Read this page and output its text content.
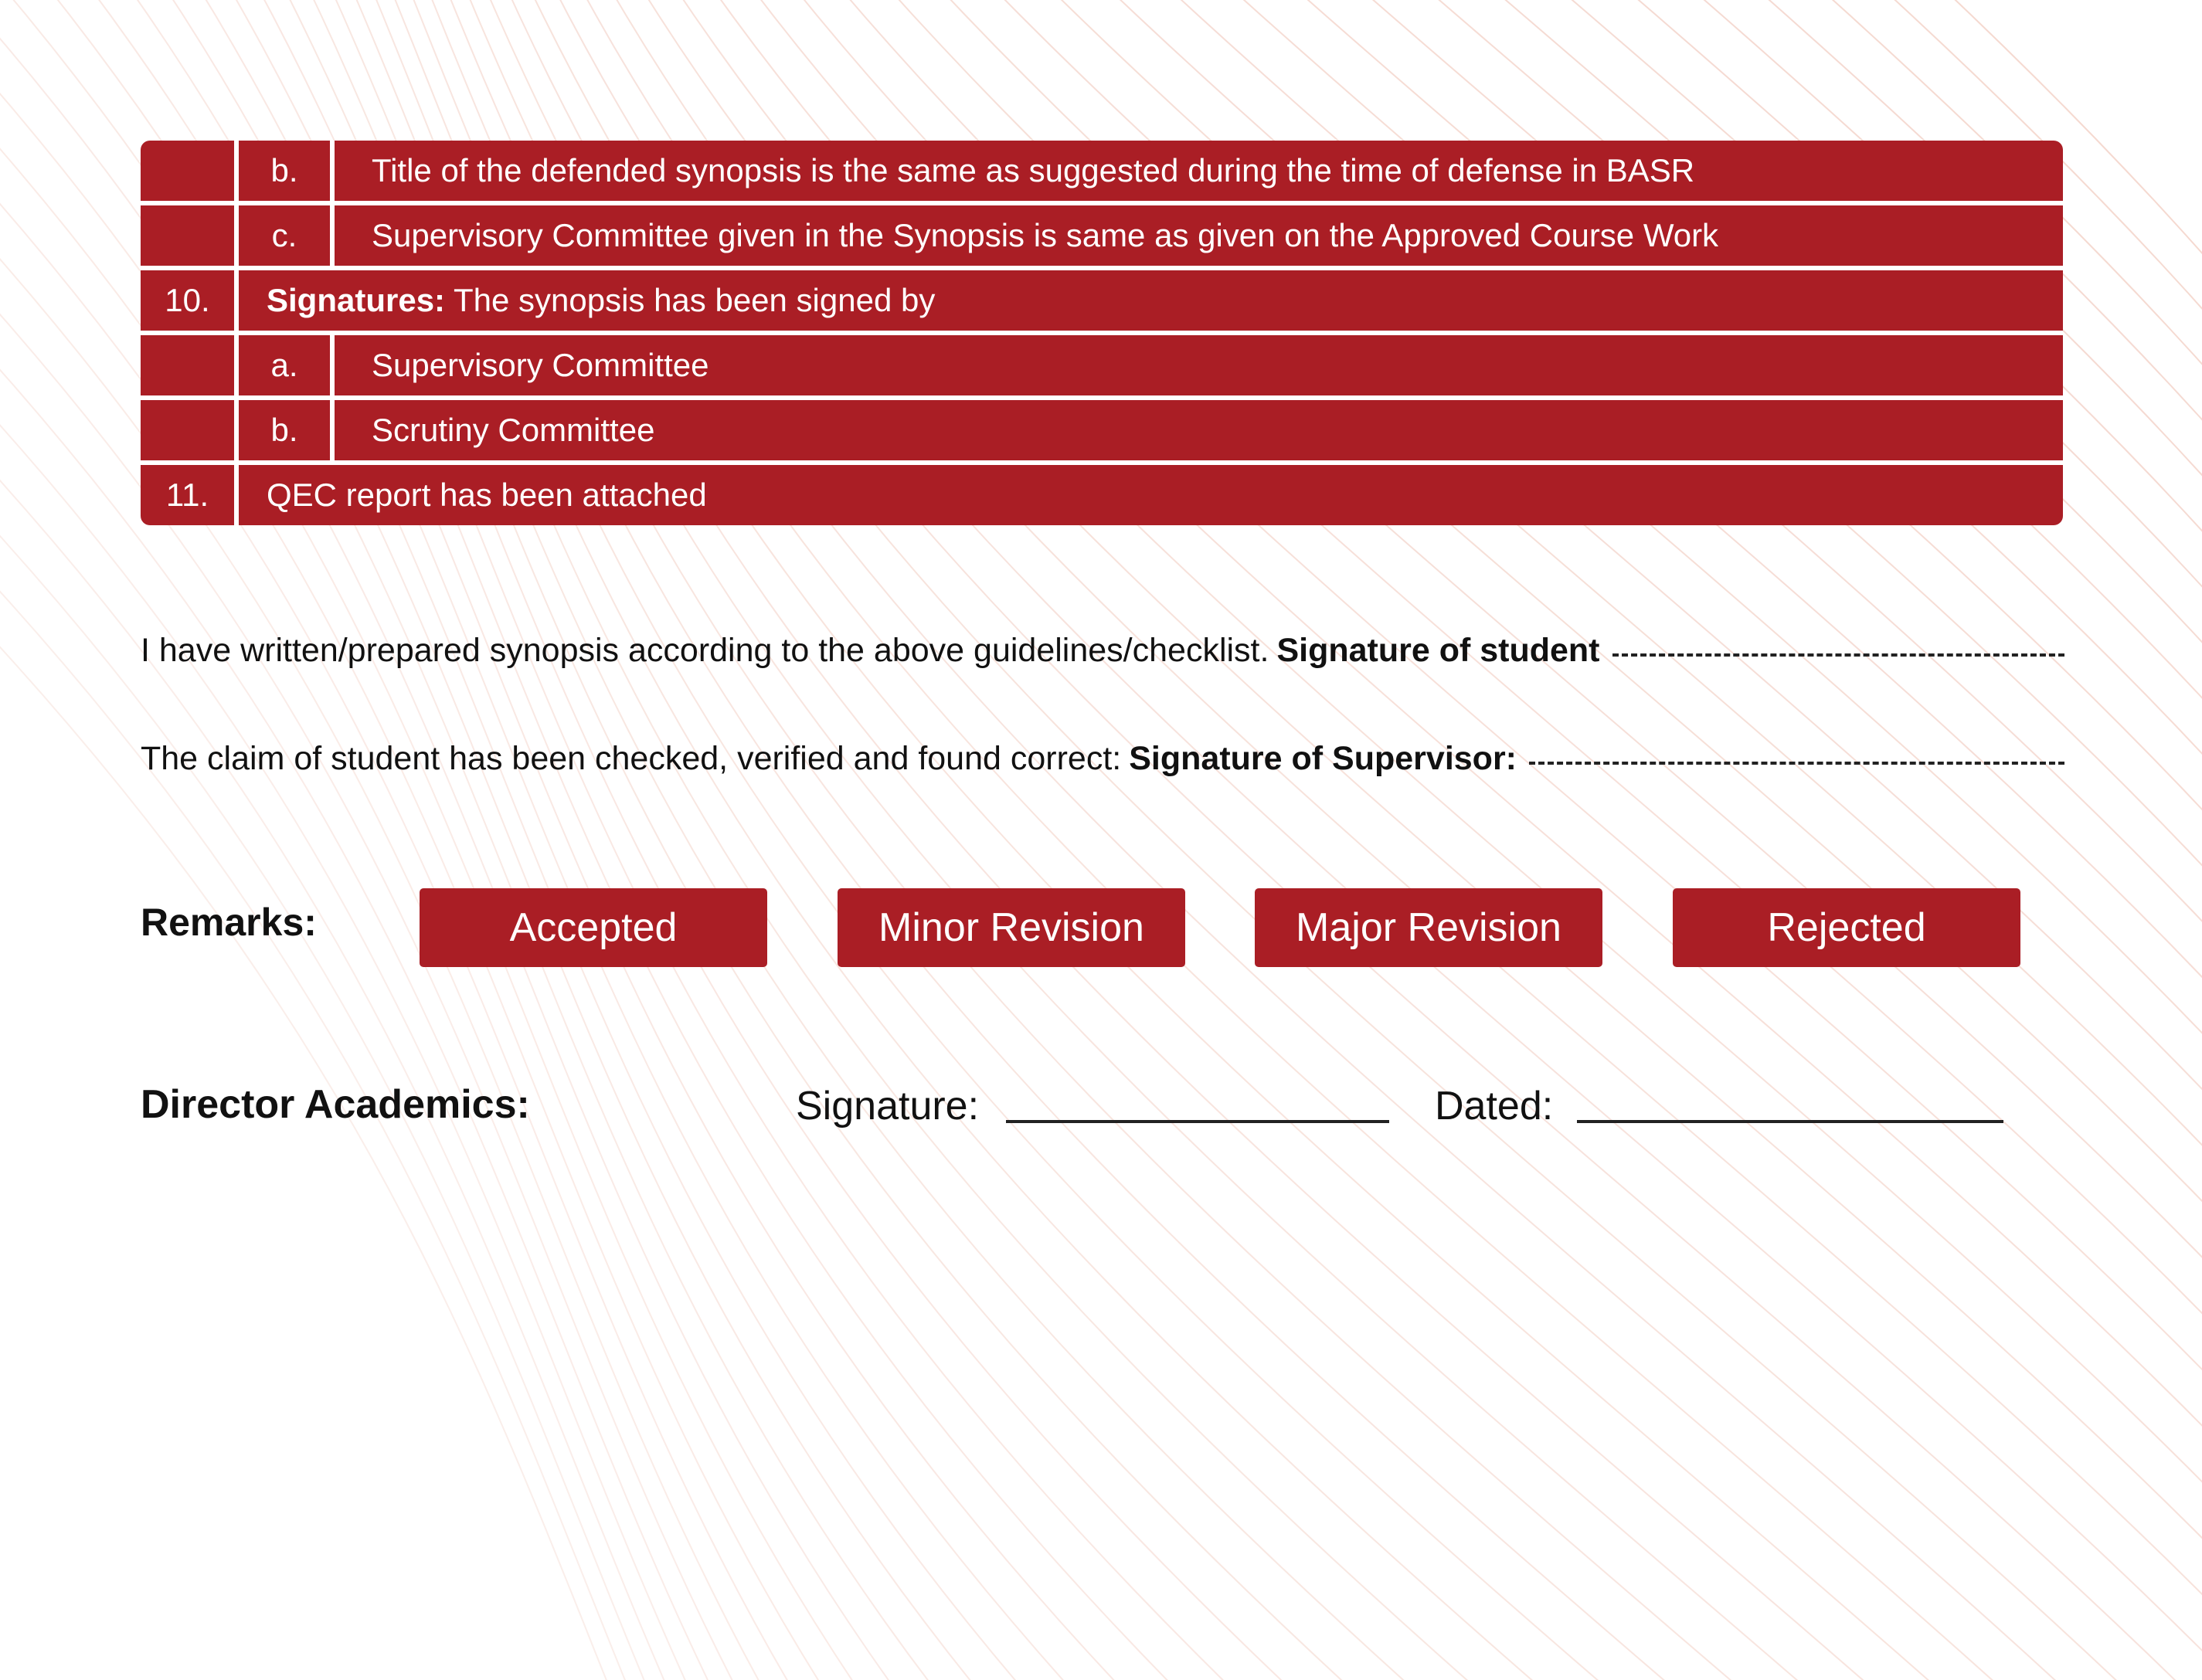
	b.	Title of the defended synopsis is the same as suggested during the time of defense in BASR
	c.	Supervisory Committee given in the Synopsis is same as given on the Approved Course Work
10.	Signatures: The synopsis has been signed by	
	a.	Supervisory Committee
	b.	Scrutiny Committee
11.	QEC report has been attached	
I have written/prepared synopsis according to the above guidelines/checklist. Signature of student
The claim of student has been checked, verified and found correct: Signature of Supervisor:
Remarks:	Accepted	Minor Revision	Major Revision	Rejected
Director Academics:	Signature:	Dated:
